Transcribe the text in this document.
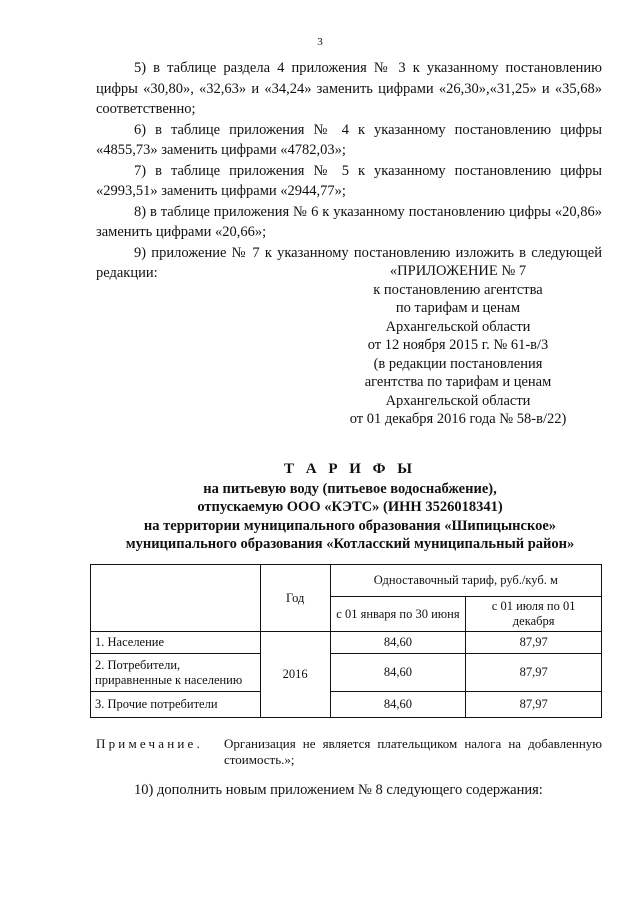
3

5) в таблице раздела 4 приложения № 3 к указанному постановлению цифры «30,80», «32,63» и «34,24» заменить цифрами «26,30»,«31,25» и «35,68» соответственно;

6) в таблице приложения № 4 к указанному постановлению цифры «4855,73» заменить цифрами «4782,03»;

7) в таблице приложения № 5 к указанному постановлению цифры «2993,51» заменить цифрами «2944,77»;

8) в таблице приложения № 6 к указанному постановлению цифры «20,86» заменить цифрами «20,66»;

9) приложение № 7 к указанному постановлению изложить в следующей редакции:	«ПРИЛОЖЕНИЕ № 7
к постановлению агентства
по тарифам и ценам
Архангельской области
от 12 ноября 2015 г. № 61-в/3
(в редакции постановления
агентства по тарифам и ценам
Архангельской области
от 01 декабря 2016 года № 58-в/22)
Т А Р И Ф Ы
на питьевую воду (питьевое водоснабжение),
отпускаемую ООО «КЭТС» (ИНН 3526018341)
на территории муниципального образования «Шипицынское»
муниципального образования «Котласский муниципальный район»
	Год	Одноставочный тариф, руб./куб. м	
		с 01 января по 30 июня	с 01 июля по 01 декабря
1. Население	2016	84,60	87,97
2. Потребители, приравненные к населению		84,60	87,97
3. Прочие потребители		84,60	87,97
Примечание.	Организация не является плательщиком налога на добавленную стоимость.»;
10) дополнить новым приложением № 8 следующего содержания:
